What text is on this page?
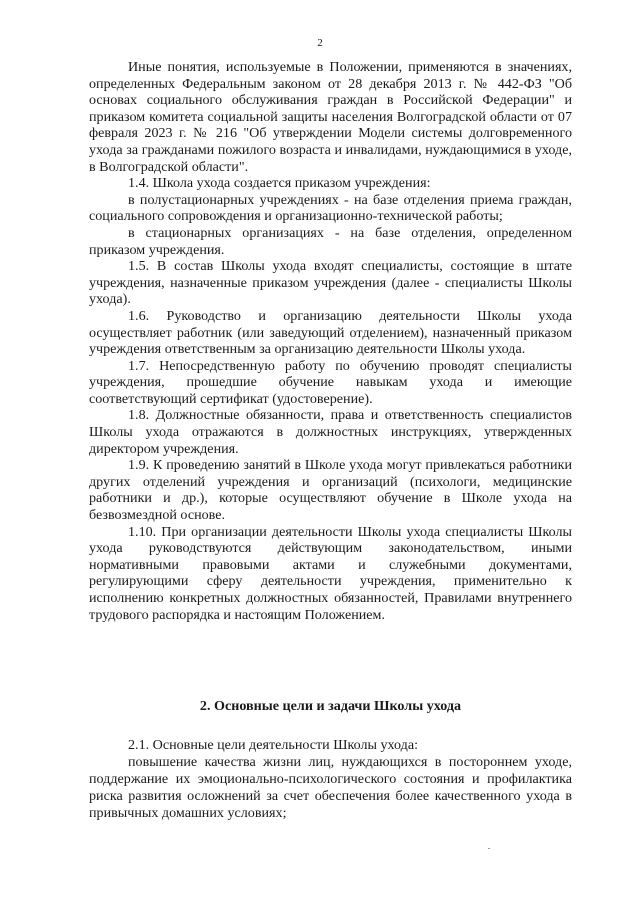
2

Иные понятия, используемые в Положении, применяются в значениях, определенных Федеральным законом от 28 декабря 2013 г. № 442-ФЗ "Об основах социального обслуживания граждан в Российской Федерации" и приказом комитета социальной защиты населения Волгоградской области от 07 февраля 2023 г. № 216 "Об утверждении Модели системы долговременного ухода за гражданами пожилого возраста и инвалидами, нуждающимися в уходе, в Волгоградской области".

1.4. Школа ухода создается приказом учреждения:

в полустационарных учреждениях - на базе отделения приема граждан, социального сопровождения и организационно-технической работы;

в стационарных организациях - на базе отделения, определенном приказом учреждения.

1.5. В состав Школы ухода входят специалисты, состоящие в штате учреждения, назначенные приказом учреждения (далее - специалисты Школы ухода).

1.6. Руководство и организацию деятельности Школы ухода осуществляет работник (или заведующий отделением), назначенный приказом учреждения ответственным за организацию деятельности Школы ухода.

1.7. Непосредственную работу по обучению проводят специалисты учреждения, прошедшие обучение навыкам ухода и имеющие соответствующий сертификат (удостоверение).

1.8. Должностные обязанности, права и ответственность специалистов Школы ухода отражаются в должностных инструкциях, утвержденных директором учреждения.

1.9. К проведению занятий в Школе ухода могут привлекаться работники других отделений учреждения и организаций (психологи, медицинские работники и др.), которые осуществляют обучение в Школе ухода на безвозмездной основе.

1.10. При организации деятельности Школы ухода специалисты Школы ухода руководствуются действующим законодательством, иными нормативными правовыми актами и служебными документами, регулирующими сферу деятельности учреждения, применительно к исполнению конкретных должностных обязанностей, Правилами внутреннего трудового распорядка и настоящим Положением.

2. Основные цели и задачи Школы ухода

2.1. Основные цели деятельности Школы ухода:

повышение качества жизни лиц, нуждающихся в постороннем уходе, поддержание их эмоционально-психологического состояния и профилактика риска развития осложнений за счет обеспечения более качественного ухода в привычных домашних условиях;
